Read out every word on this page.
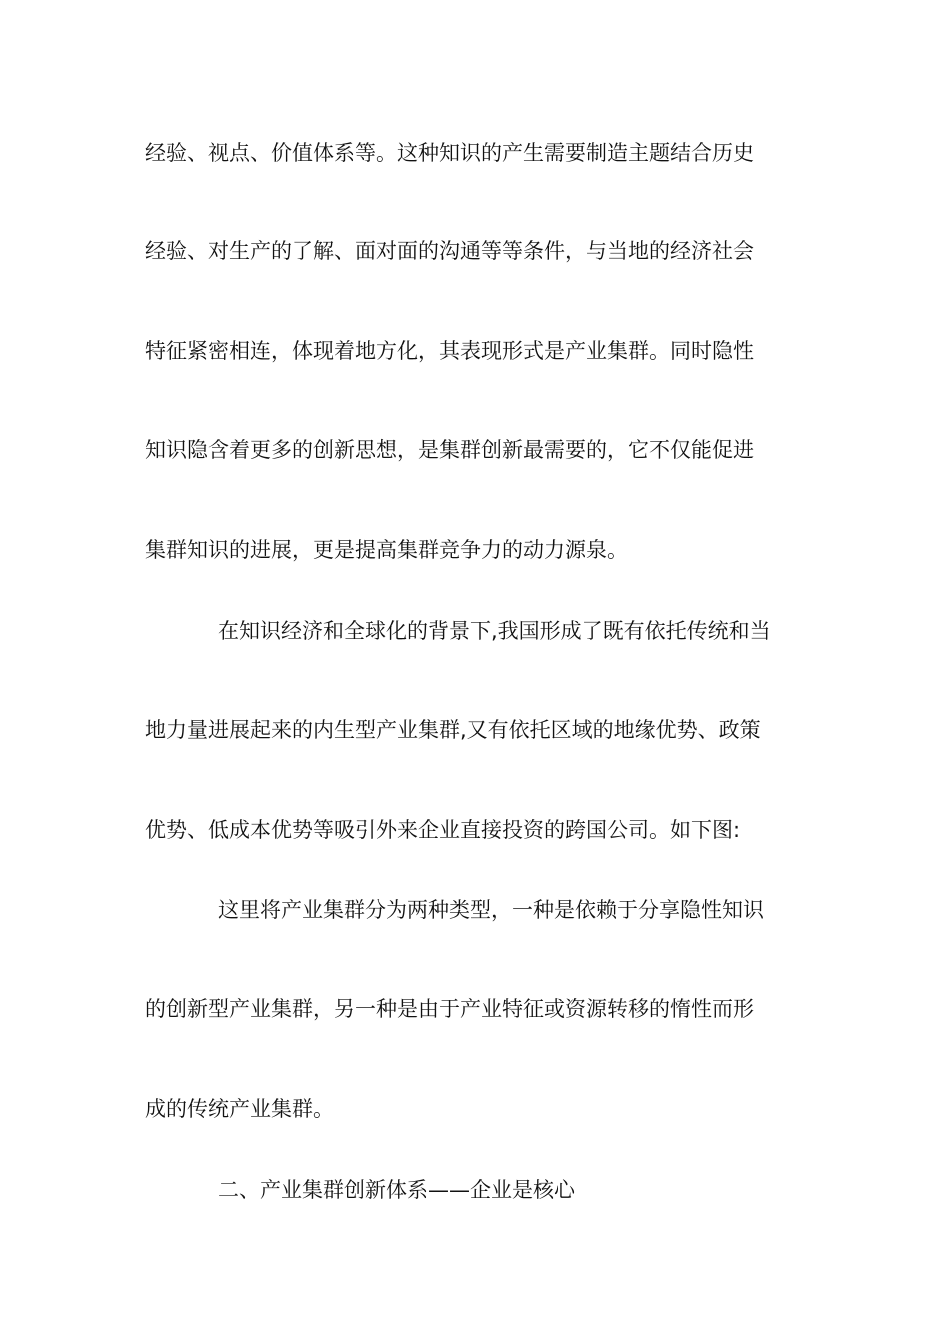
经验、视点、价值体系等。这种知识的产生需要制造主题结合历史
经验、对生产的了解、面对面的沟通等等条件，与当地的经济社会
特征紧密相连，体现着地方化，其表现形式是产业集群。同时隐性
知识隐含着更多的创新思想，是集群创新最需要的，它不仅能促进
集群知识的进展，更是提高集群竞争力的动力源泉。
在知识经济和全球化的背景下,我国形成了既有依托传统和当
地力量进展起来的内生型产业集群,又有依托区域的地缘优势、政策
优势、低成本优势等吸引外来企业直接投资的跨国公司。如下图:
这里将产业集群分为两种类型，一种是依赖于分享隐性知识
的创新型产业集群，另一种是由于产业特征或资源转移的惰性而形
成的传统产业集群。
二、产业集群创新体系——企业是核心
